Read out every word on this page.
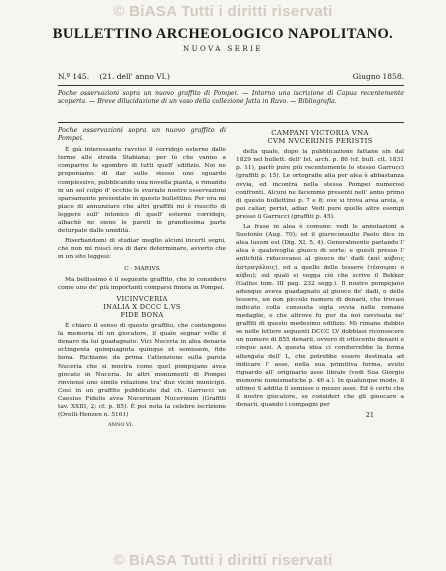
© BiASA Tutti i diritti riservati
BULLETTINO ARCHEOLOGICO NAPOLITANO.
NUOVA SERIE
N.º 145. (21. dell' anno VI.)	Giugno 1858.
Poche osservazioni sopra un nuovo graffito di Pompei. — Intorno una iscrizione di Capua recentemente scoperta. — Breve dilucidazione di un vaso della collezione Jatta in Ruvo. — Bibliografia.

Poche osservazioni sopra un nuovo graffito di Pompei.

È già interessante ravviso il corridojo esterno dalle terme alle strada Stabiana; per lo che vanno a comparire lo sgombro di tutti quell' edifizio. Noi ne proponiamo di dar sulle stesso uno sguardo complessivo, pubblicando una novella pianta, e rimando in un sol colpo d' occhio le svariate nostre osservazioni sparsamente presentate in questo bullettino. Per ora mi piace di annunziare che altri graffiti mi è riuscito di leggere sull' intonico di quell' esterno corridojo, albachè ne sieno le pareti in grandissima parte deturpate dalle umidità.

Riserbandomi di studiar meglio alcuni incerti segni, che non mi riuscì ora di dare determinare, avverto che in un sito leggesi:

C · MARIVS

Ma bellissimo è il seguente graffito, che lo considero come uno de' più importanti comparsi finora in Pompei.

VICINVCERIA

INALIA X DCCC L.VS

FIDE BONA

È chiaro il senso di questo graffito, che contengono la memoria di un giocatore, il quale segnar volle il denaro da lui guadagnato: Vici Nuceria in alea denaria octingenta quinquaginta quinque et semissem, fide bona. Richiamo da prima l'attenzione sulla parola Nuceria che si mostra come quel pompejano avea giocato in Nuceria. In altri monumenti di Pompei rinviensi uno simile relazione tra' due vicini municipii. Così in un graffito pubblicato dal ch. Garrucci un Caesius Fidelis avea Nucerinam Nucerinum (Graffiti tav. XXIII, 2; cf. p. 85). È poi nota la celebre iscrizione (Orelli-Henzen n. 5161)

ANNO VI.

CAMPANI VICTORIA VNA

CVM NVCERINIS PERISTIS

della quale, dopo la pubblicazione fattane sin dal 1829 nel bullett. dell' Ist. arch. p. 86 (cf. bull. cit. 1831 p. 11), parlò pure più recentemente lo stesso Garrucci (graffiti p. 15). Le ortografie alia per alea è abbastanza ovvia, ed incontra nella stessa Pompei numerosi confronti. Alcuni ne facemmo presenti nell' anno primo di questo bullettino p. 7 e 8; ove si trova area areia, e poi caliar, perist, adiar. Vedi pure quelle altre esempi presso il Garrucci (graffiti p. 45).

La frase in alea è comune: vedi le annotazioni a Suetonio (Aug. 70); ed il giureconsulto Paolo dice in alea lusum est (Dig. XI, 5, 4). Generalmente parlando l' alea è qualsivoglia giuoco di sorte; e questi presso l' antichità riducevansi al giuoco de' dadi (καὶ κύβοις ἀστραγάλοις), ed a quello delle tessere (τέσσεραι ο κύβοι); sul quali si vegga ciò che scrive il Bekker (Gallus tom. III pag. 232 segg.). Il nostro pompejano adunque aveva guadagnato al giuoco de' dadi, o delle tessere, un non piccolo numero di denarii, che trovasi indicato colla consueta sigla ovvia nelle romane medaglie, e che altrove fu pur da noi ravvisata ne' graffiti di questo medesimo edifizio. Mi rimane dubbio se nelle lettere seguenti DCCC LV dobbiasi riconoscere un numero di 855 denarii, ovvero di ottocento denarii e cinque assi. A questa idea ci condurrebbe la forma allungata dell' L, che potrebbe essere destinata ad indicare l' asse, nella sua primitiva forma, avuto riguardo all' originario asse librale (vedi Sua Giorgio memorie numismatiche p. 46 a.). In qualunque modo, il ultimo S addita il semisse o mezzo asse. Ed è certo che il nostro giocatore, se consideri che gli giuocare a denarii, quando i compagni per

21

© BiASA Tutti i diritti riservati
